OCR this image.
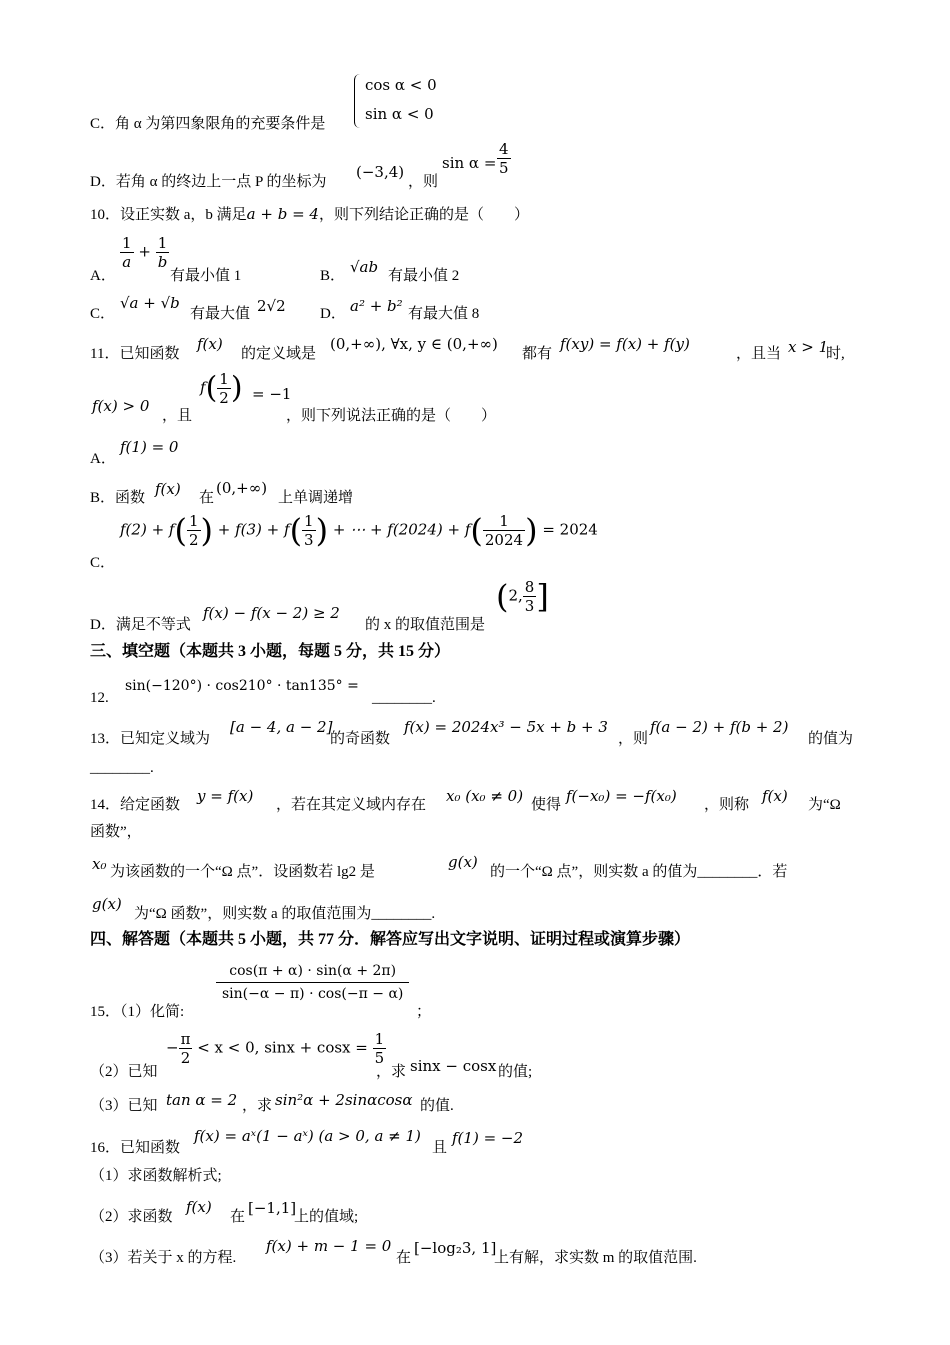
C．角 α 为第四象限角的充要条件是
cos α < 0
sin α < 0
D．若角 α 的终边上一点 P 的坐标为
(−3,4)
，则
$\sin \alpha = \frac{4}{5}$
10．设正实数 a，b 满足a + b = 4，则下列结论正确的是（　　）
A．
$\frac{1}{a} + \frac{1}{b}$
有最小值 1	B． √ab 有最小值 2
C．
√a + √b
有最大值 2√2 D． a² + b² 有最大值 8
11．已知函数
f(x)
的定义域是
(0,+∞), ∀x, y ∈ (0,+∞)
都有
f(xy) = f(x) + f(y)
，且当 x > 1
时,
f(x) > 0
，且
$f( \frac{1}{2}$ ) = −1
，则下列说法正确的是（　　）
A．
f(1) = 0
B．函数 f(x) 在
(0,+∞)
上单调递增
C．
$f(2) + f( \frac{1}{2}$ ) + $f(3) + f( \frac{1}{3}$ ) + ⋯ + $f(2024) + f( \frac{1}{2024}$ ) = 2024
D．满足不等式
f(x) − f(x − 2) ≥ 2
的 x 的取值范围是
(2, $\frac{8}{3}$ ]
三、填空题（本题共 3 小题，每题 5 分，共 15 分）
12.
sin(−120°) · cos210° · tan135° =
________.
13．已知定义域为
[a − 4, a − 2]
的奇函数
f(x) = 2024x³ − 5x + b + 3
，则
f(a − 2) + f(b + 2)
的值为
________.
14．给定函数 y = f(x) ，若在其定义域内存在 x₀ (x₀ ≠ 0) 使得 f(−x₀) = −f(x₀) ，则称 f(x) 为“Ω
函数”，
x₀ 为该函数的一个“Ω 点”．设函数若 lg2 是
g(x)
的一个“Ω 点”，则实数 a 的值为________．若
g(x)
为“Ω 函数”，则实数 a 的取值范围为________.
四、解答题（本题共 5 小题，共 77 分．解答应写出文字说明、证明过程或演算步骤）
15．（1）化简:
$\frac{\cos(\pi + \alpha) \cdot \sin(\alpha + 2\pi)}{\sin(-\alpha - \pi) \cdot \cos(-\pi - \alpha)}$
；
（2）已知
− $\frac{\pi}{2} < x < 0$, $\sin x + \cos x = \frac{1}{5}$
，求 sinx − cosx 的值;
（3）已知 tan α = 2 ，求 sin²α + 2sinαcosα 的值.
16．已知函数
f(x) = aˣ(1 − aˣ) (a > 0, a ≠ 1)
且
f(1) = −2
（1）求函数解析式;
（2）求函数
f(x)
在 [−1,1]
上的值域;
（3）若关于 x 的方程.
f(x) + m − 1 = 0
在
[−log₂3, 1]
上有解，求实数 m 的取值范围.
